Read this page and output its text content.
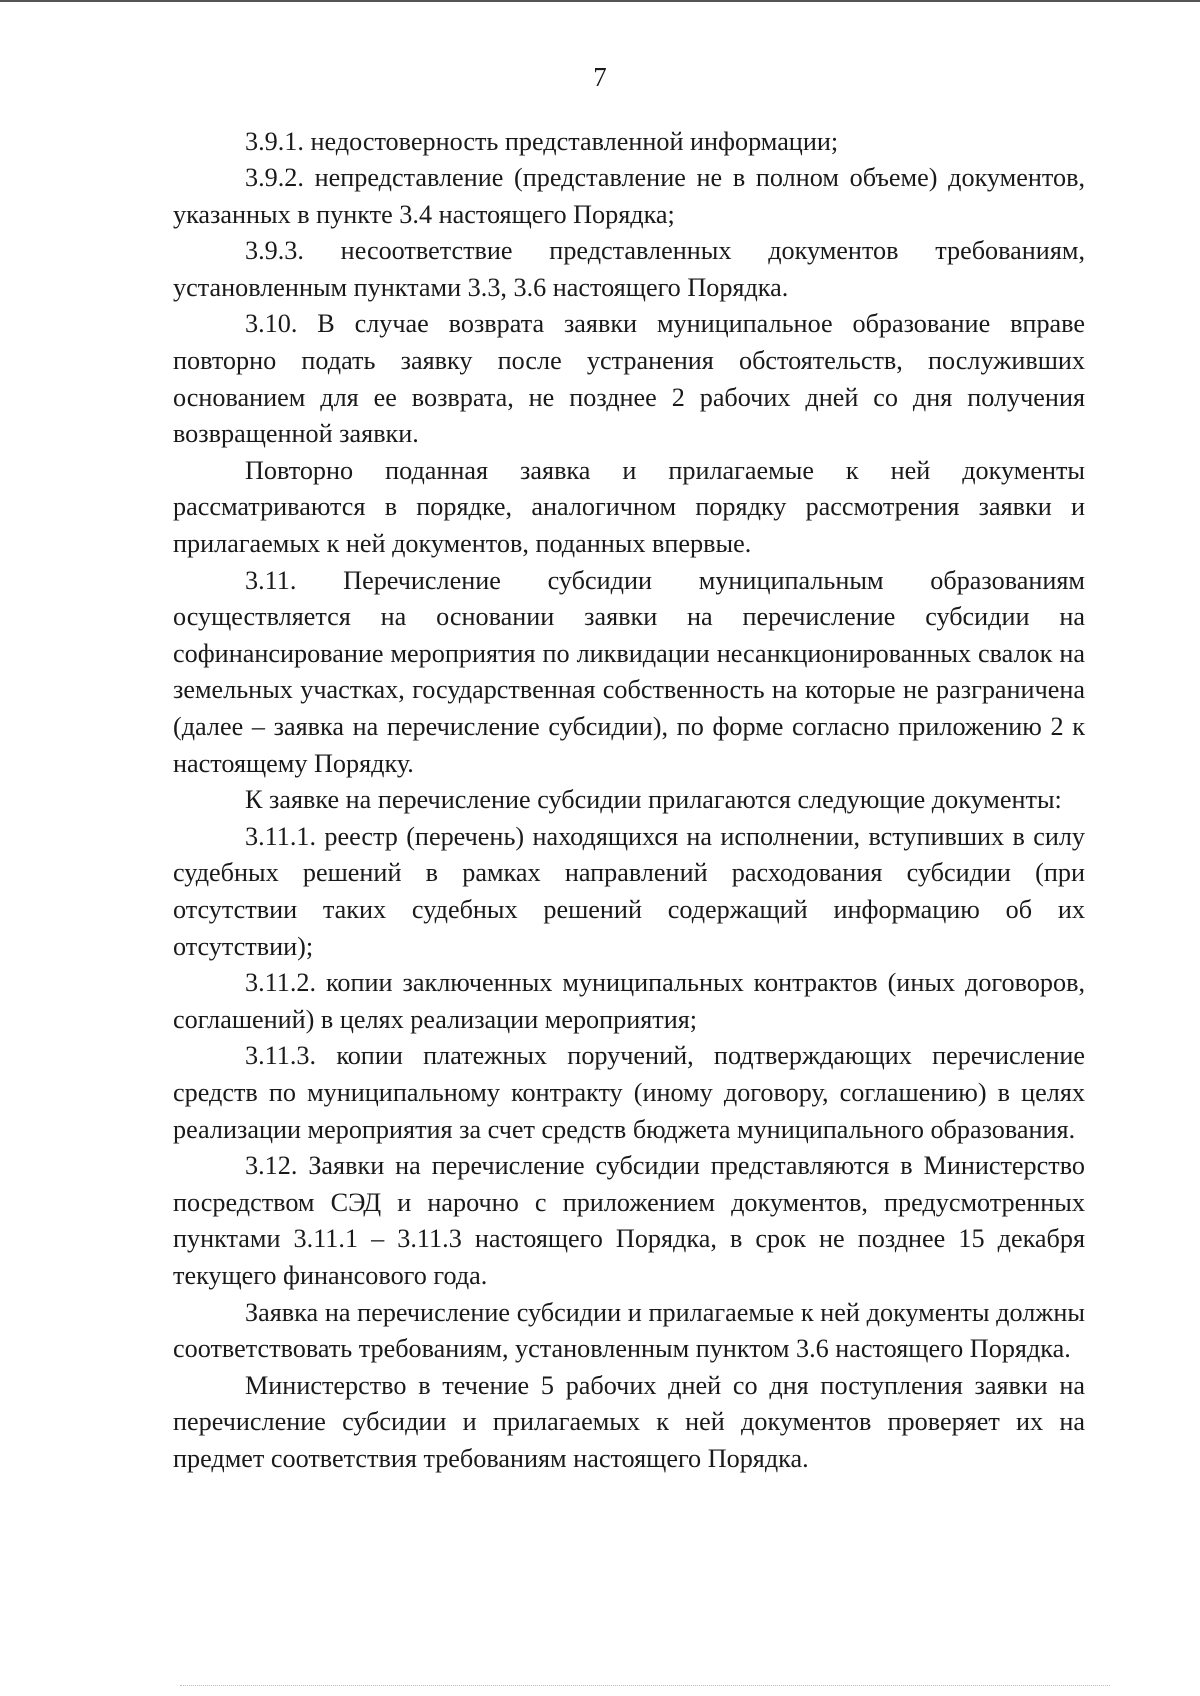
7

3.9.1. недостоверность представленной информации;

3.9.2. непредставление (представление не в полном объеме) документов, указанных в пункте 3.4 настоящего Порядка;

3.9.3. несоответствие представленных документов требованиям, установленным пунктами 3.3, 3.6 настоящего Порядка.

3.10. В случае возврата заявки муниципальное образование вправе повторно подать заявку после устранения обстоятельств, послуживших основанием для ее возврата, не позднее 2 рабочих дней со дня получения возвращенной заявки.

Повторно поданная заявка и прилагаемые к ней документы рассматриваются в порядке, аналогичном порядку рассмотрения заявки и прилагаемых к ней документов, поданных впервые.

3.11. Перечисление субсидии муниципальным образованиям осуществляется на основании заявки на перечисление субсидии на софинансирование мероприятия по ликвидации несанкционированных свалок на земельных участках, государственная собственность на которые не разграничена (далее – заявка на перечисление субсидии), по форме согласно приложению 2 к настоящему Порядку.

К заявке на перечисление субсидии прилагаются следующие документы:

3.11.1. реестр (перечень) находящихся на исполнении, вступивших в силу судебных решений в рамках направлений расходования субсидии (при отсутствии таких судебных решений содержащий информацию об их отсутствии);

3.11.2. копии заключенных муниципальных контрактов (иных договоров, соглашений) в целях реализации мероприятия;

3.11.3. копии платежных поручений, подтверждающих перечисление средств по муниципальному контракту (иному договору, соглашению) в целях реализации мероприятия за счет средств бюджета муниципального образования.

3.12. Заявки на перечисление субсидии представляются в Министерство посредством СЭД и нарочно с приложением документов, предусмотренных пунктами 3.11.1 – 3.11.3 настоящего Порядка, в срок не позднее 15 декабря текущего финансового года.

Заявка на перечисление субсидии и прилагаемые к ней документы должны соответствовать требованиям, установленным пунктом 3.6 настоящего Порядка.

Министерство в течение 5 рабочих дней со дня поступления заявки на перечисление субсидии и прилагаемых к ней документов проверяет их на предмет соответствия требованиям настоящего Порядка.
